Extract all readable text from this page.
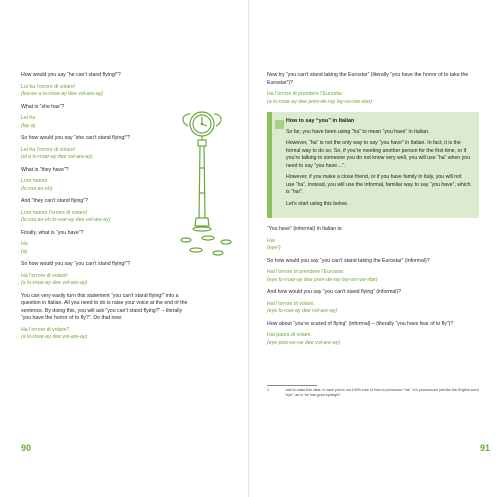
How would you say “he can’t stand flying!”?
Lui ha l’orrore di volare!
(loo-ee a lo-rroar-ay dee vol-are-ay)
What is “she has”?
Lei ha
(lay a)
So how would you say “she can’t stand flying!”?
Lei ha l’orrore di volare!
(el a lo-rroar-ay dee vol-are-ay)
What is “they have”?
Loro hanno
(lo-roa an-oh)
And “they can’t stand flying”?
Loro hanno l’orrore di volare!
(lo-roa an-oh lo-roar-ay dee vol-are-ay)
Finally, what is “you have”?
Ha
(a)
So how would you say “you can’t stand flying!”?
Ha l’orrore di volare!
(a lo-rroar-ay dee vol-are-ay)
You can very easily turn this statement “you can’t stand flying!” into a question in Italian. All you need to do is raise your voice at the end of the sentence. By doing this, you will ask “you can’t stand flying?” – literally “you have the horror of to fly?”. Do that now:
Ha l’orrore di volare?
(a lo-rroar-ay dee vol-are-ay)
90
Now try “you can’t stand taking the Eurostar” (literally “you have the horror of to take the Eurostar”)?
Ha l’orrore di prendere l’Eurostar
(a lo-rroar-ay dee pren-de-ray lay-oo-roe-star)
How to say “you” in Italian

So far, you have been using “ha” to mean “you have” in Italian.

However, “ha” is not the only way to say “you have” in Italian. In fact, it is the formal way to do so. So, if you’re meeting another person for the first time, or if you’re talking to someone you do not know very well, you will use “ha” when you need to say “you have…”.

However, if you make a close friend, or if you have family in Italy, you will not use “ha”, instead, you will use the informal, familiar way to say “you have”, which is “hai”.

Let’s start using this below.

“You have” (informal) in Italian is:
Hai
(eye¹)
So how would you say “you can’t stand taking the Eurostar” (informal)?
Hai l’orrore di prendere l’Eurostar
(eye lo-rroar-ay dee pren-de-ray lay-oo-roe-star)
And how would you say “you can’t stand flying” (informal)?
Hai l’orrore di volare.
(eye lo-roar-ay dee vol-are-ay)
How about “you’re scared of flying” (informal) – (literally “you have fear of to fly”)?
Hai paura di volare.
(eye pow-oo-rar dee vol-are-ay)
1	Just to make this clear, in case you’re not 100% sure of how to pronounce “hai”, it is pronounced just like the English word “eye”, as in “he has good eyesight”.
91
